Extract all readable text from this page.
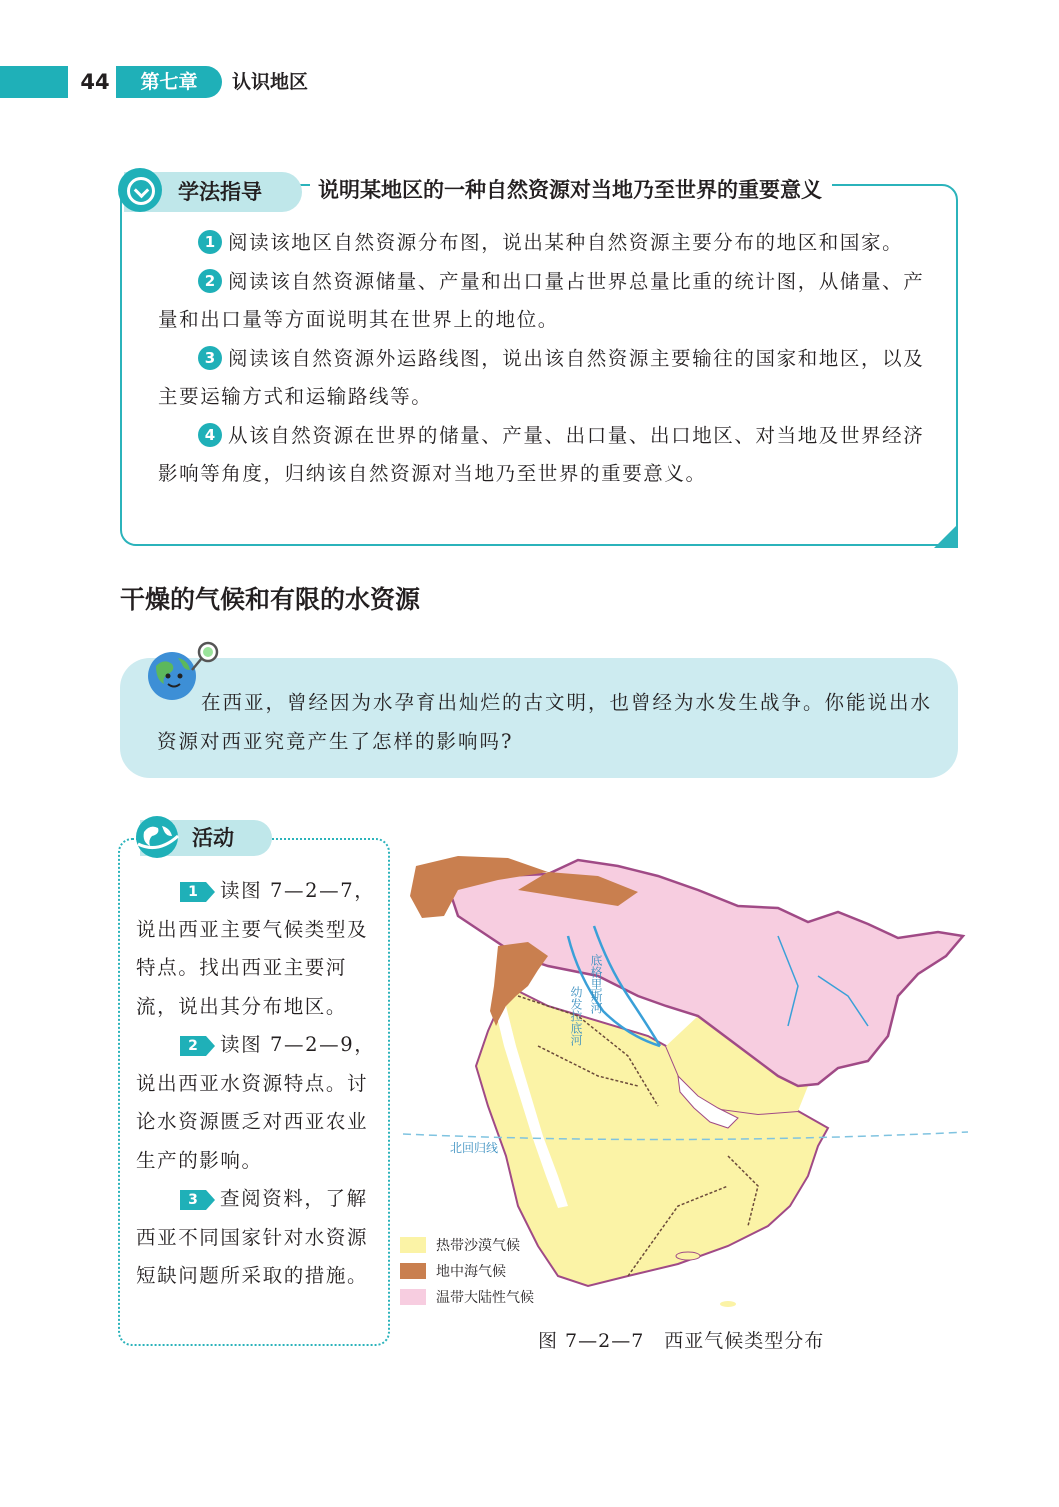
44	第七章	认识地区
学法指导	说明某地区的一种自然资源对当地乃至世界的重要意义

1 阅读该地区自然资源分布图，说出某种自然资源主要分布的地区和国家。

2 阅读该自然资源储量、产量和出口量占世界总量比重的统计图，从储量、产量和出口量等方面说明其在世界上的地位。

3 阅读该自然资源外运路线图，说出该自然资源主要输往的国家和地区，以及主要运输方式和运输路线等。

4 从该自然资源在世界的储量、产量、出口量、出口地区、对当地及世界经济影响等角度，归纳该自然资源对当地乃至世界的重要意义。

干燥的气候和有限的水资源

在西亚，曾经因为水孕育出灿烂的古文明，也曾经为水发生战争。你能说出水资源对西亚究竟产生了怎样的影响吗?

活动

1 读图 7—2—7，说出西亚主要气候类型及特点。找出西亚主要河流，说出其分布地区。

2 读图 7—2—9，说出西亚水资源特点。讨论水资源匮乏对西亚农业生产的影响。

3 查阅资料，了解西亚不同国家针对水资源短缺问题所采取的措施。

北回归线
底格里斯河
幼发拉底河
热带沙漠气候
地中海气候
温带大陆性气候
图 7—2—7　西亚气候类型分布
